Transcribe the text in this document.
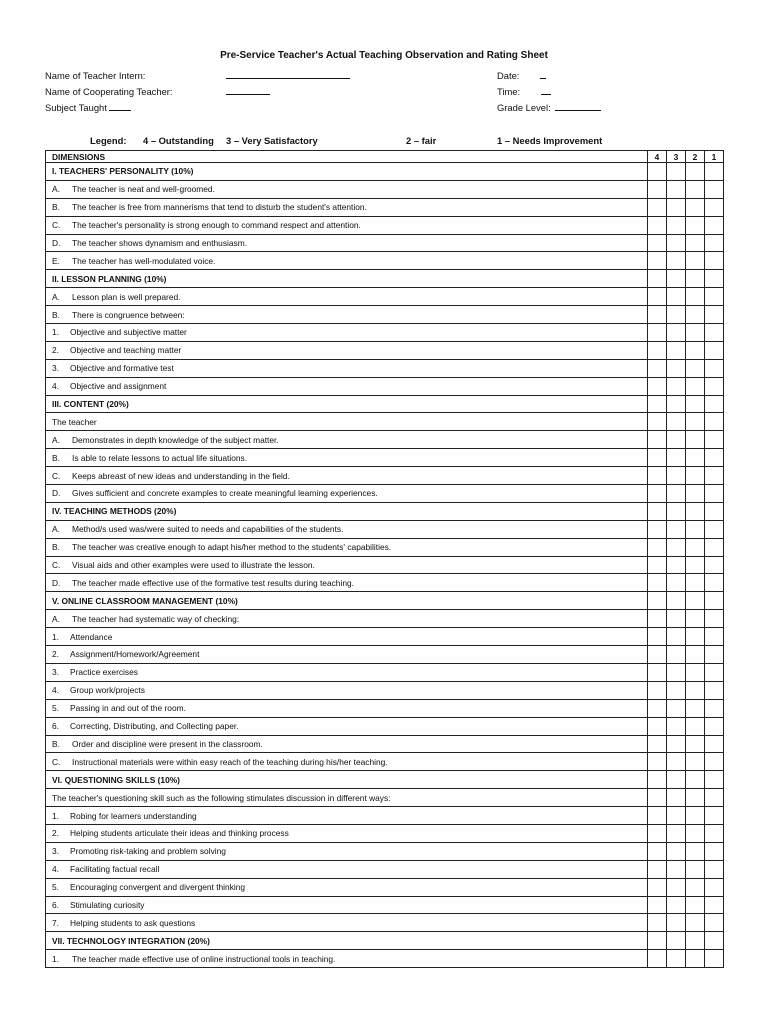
Pre-Service Teacher's Actual Teaching Observation and Rating Sheet
Name of Teacher Intern:
Name of Cooperating Teacher:
Subject Taught
Date:
Time:
Grade Level:
Legend: 4 – Outstanding 3 – Very Satisfactory	2 – fair	1 – Needs Improvement
DIMENSIONS	4	3	2	1
I. TEACHERS' PERSONALITY (10%)				
A. The teacher is neat and well-groomed.				
B. The teacher is free from mannerisms that tend to disturb the student's attention.				
C. The teacher's personality is strong enough to command respect and attention.				
D. The teacher shows dynamism and enthusiasm.				
E. The teacher has well-modulated voice.				
II. LESSON PLANNING (10%)				
A. Lesson plan is well prepared.				
B. There is congruence between:				
1. Objective and subjective matter				
2. Objective and teaching matter				
3. Objective and formative test				
4. Objective and assignment				
III. CONTENT (20%)				
The teacher				
A. Demonstrates in depth knowledge of the subject matter.				
B. Is able to relate lessons to actual life situations.				
C. Keeps abreast of new ideas and understanding in the field.				
D. Gives sufficient and concrete examples to create meaningful learning experiences.				
IV. TEACHING METHODS (20%)				
A. Method/s used was/were suited to needs and capabilities of the students.				
B. The teacher was creative enough to adapt his/her method to the students' capabilities.				
C. Visual aids and other examples were used to illustrate the lesson.				
D. The teacher made effective use of the formative test results during teaching.				
V. ONLINE CLASSROOM MANAGEMENT (10%)				
A. The teacher had systematic way of checking:				
1. Attendance				
2. Assignment/Homework/Agreement				
3. Practice exercises				
4. Group work/projects				
5. Passing in and out of the room.				
6. Correcting, Distributing, and Collecting paper.				
B. Order and discipline were present in the classroom.				
C. Instructional materials were within easy reach of the teaching during his/her teaching.				
VI. QUESTIONING SKILLS (10%)				
The teacher's questioning skill such as the following stimulates discussion in different ways:				
1. Robing for learners understanding				
2. Helping students articulate their ideas and thinking process				
3. Promoting risk-taking and problem solving				
4. Facilitating factual recall				
5. Encouraging convergent and divergent thinking				
6. Stimulating curiosity				
7. Helping students to ask questions				
VII. TECHNOLOGY INTEGRATION (20%)				
1. The teacher made effective use of online instructional tools in teaching.				
